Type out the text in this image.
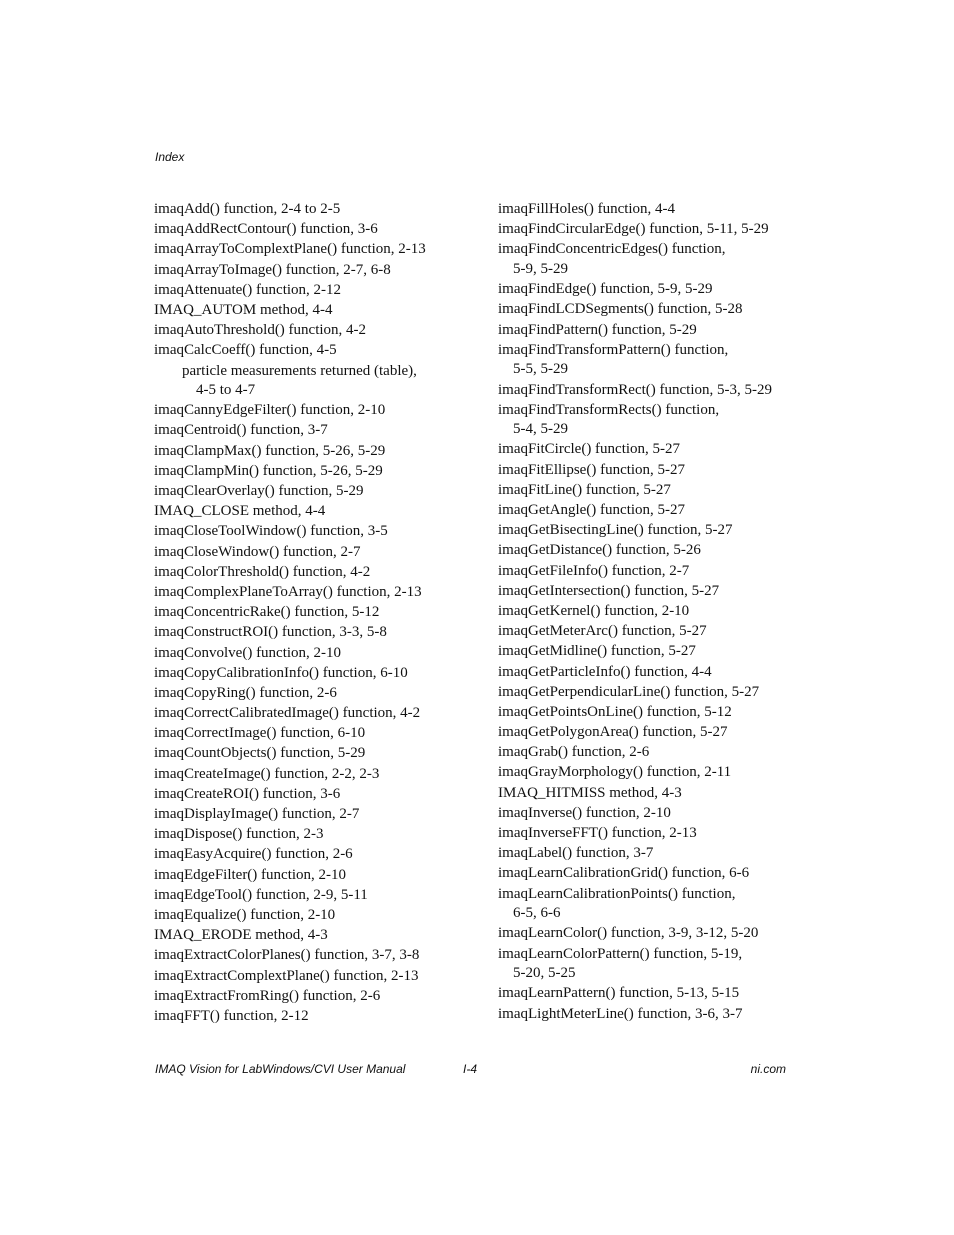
Index

imaqAdd() function, 2-4 to 2-5
imaqAddRectContour() function, 3-6
imaqArrayToComplextPlane() function, 2-13
imaqArrayToImage() function, 2-7, 6-8
imaqAttenuate() function, 2-12
IMAQ_AUTOM method, 4-4
imaqAutoThreshold() function, 4-2
imaqCalcCoeff() function, 4-5
particle measurements returned (table),
4-5 to 4-7
imaqCannyEdgeFilter() function, 2-10
imaqCentroid() function, 3-7
imaqClampMax() function, 5-26, 5-29
imaqClampMin() function, 5-26, 5-29
imaqClearOverlay() function, 5-29
IMAQ_CLOSE method, 4-4
imaqCloseToolWindow() function, 3-5
imaqCloseWindow() function, 2-7
imaqColorThreshold() function, 4-2
imaqComplexPlaneToArray() function, 2-13
imaqConcentricRake() function, 5-12
imaqConstructROI() function, 3-3, 5-8
imaqConvolve() function, 2-10
imaqCopyCalibrationInfo() function, 6-10
imaqCopyRing() function, 2-6
imaqCorrectCalibratedImage() function, 4-2
imaqCorrectImage() function, 6-10
imaqCountObjects() function, 5-29
imaqCreateImage() function, 2-2, 2-3
imaqCreateROI() function, 3-6
imaqDisplayImage() function, 2-7
imaqDispose() function, 2-3
imaqEasyAcquire() function, 2-6
imaqEdgeFilter() function, 2-10
imaqEdgeTool() function, 2-9, 5-11
imaqEqualize() function, 2-10
IMAQ_ERODE method, 4-3
imaqExtractColorPlanes() function, 3-7, 3-8
imaqExtractComplextPlane() function, 2-13
imaqExtractFromRing() function, 2-6
imaqFFT() function, 2-12
imaqFillHoles() function, 4-4
imaqFindCircularEdge() function, 5-11, 5-29
imaqFindConcentricEdges() function,
5-9, 5-29
imaqFindEdge() function, 5-9, 5-29
imaqFindLCDSegments() function, 5-28
imaqFindPattern() function, 5-29
imaqFindTransformPattern() function,
5-5, 5-29
imaqFindTransformRect() function, 5-3, 5-29
imaqFindTransformRects() function,
5-4, 5-29
imaqFitCircle() function, 5-27
imaqFitEllipse() function, 5-27
imaqFitLine() function, 5-27
imaqGetAngle() function, 5-27
imaqGetBisectingLine() function, 5-27
imaqGetDistance() function, 5-26
imaqGetFileInfo() function, 2-7
imaqGetIntersection() function, 5-27
imaqGetKernel() function, 2-10
imaqGetMeterArc() function, 5-27
imaqGetMidline() function, 5-27
imaqGetParticleInfo() function, 4-4
imaqGetPerpendicularLine() function, 5-27
imaqGetPointsOnLine() function, 5-12
imaqGetPolygonArea() function, 5-27
imaqGrab() function, 2-6
imaqGrayMorphology() function, 2-11
IMAQ_HITMISS method, 4-3
imaqInverse() function, 2-10
imaqInverseFFT() function, 2-13
imaqLabel() function, 3-7
imaqLearnCalibrationGrid() function, 6-6
imaqLearnCalibrationPoints() function,
6-5, 6-6
imaqLearnColor() function, 3-9, 3-12, 5-20
imaqLearnColorPattern() function, 5-19,
5-20, 5-25
imaqLearnPattern() function, 5-13, 5-15
imaqLightMeterLine() function, 3-6, 3-7
IMAQ Vision for LabWindows/CVI User Manual	I-4	ni.com
